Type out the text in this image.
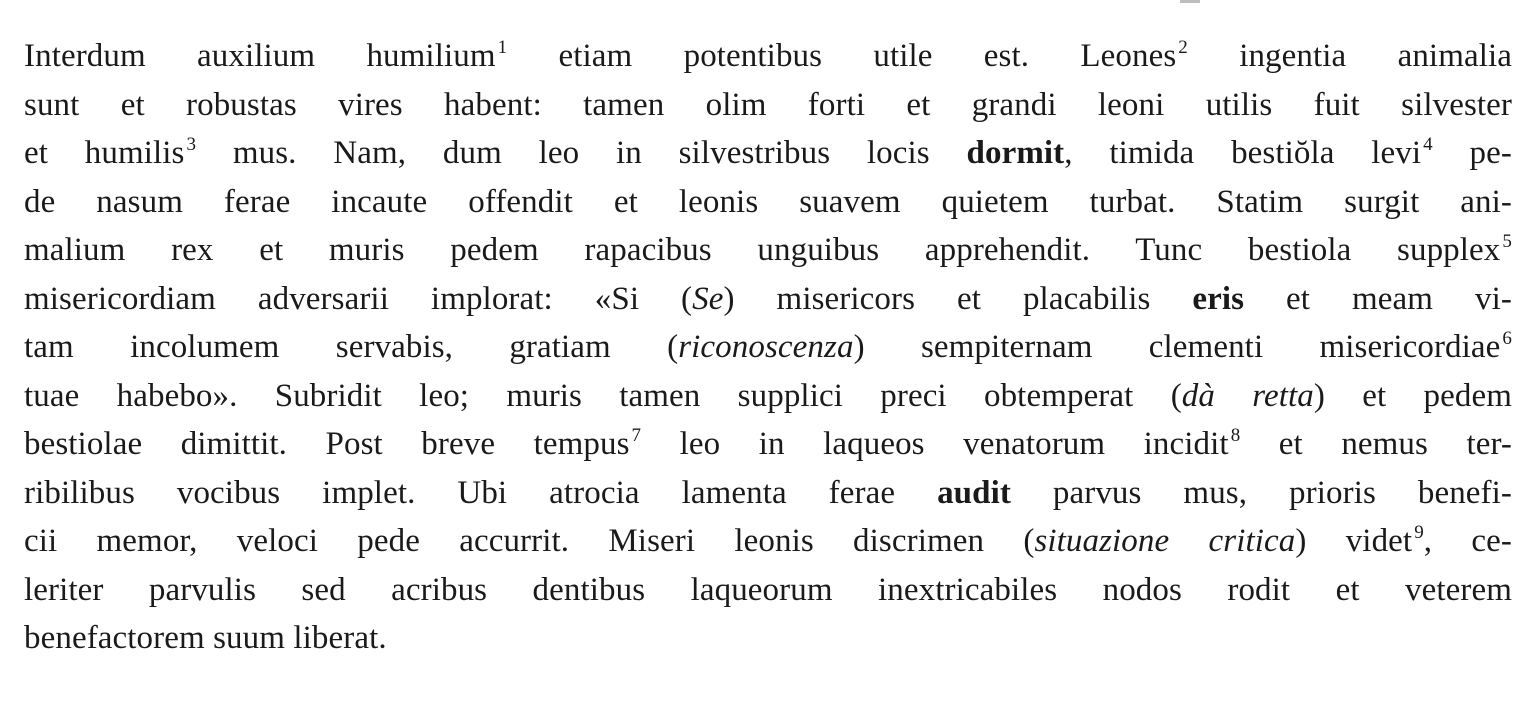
Interdum auxilium humilium $^1$ etiam potentibus utile est. Leones $^2$ ingentia animalia
sunt et robustas vires habent: tamen olim forti et grandi leoni utilis fuit silvester
et humilis $^3$ mus. Nam, dum leo in silvestribus locis dormit, timida bestiŏla levi $^4$ pe-
de nasum ferae incaute offendit et leonis suavem quietem turbat. Statim surgit ani-
malium rex et muris pedem rapacibus unguibus apprehendit. Tunc bestiola supplex $^5$
misericordiam adversarii implorat: «Si (Se) misericors et placabilis eris et meam vi-
tam incolumem servabis, gratiam (riconoscenza) sempiternam clementi misericordiae $^6$
tuae habebo». Subridit leo; muris tamen supplici preci obtemperat (dà retta) et pedem
bestiolae dimittit. Post breve tempus $^7$ leo in laqueos venatorum incidit $^8$ et nemus ter-
ribilibus vocibus implet. Ubi atrocia lamenta ferae audit parvus mus, prioris benefi-
cii memor, veloci pede accurrit. Miseri leonis discrimen (situazione critica) videt $^9$, ce-
leriter parvulis sed acribus dentibus laqueorum inextricabiles nodos rodit et veterem
benefactorem suum liberat.
